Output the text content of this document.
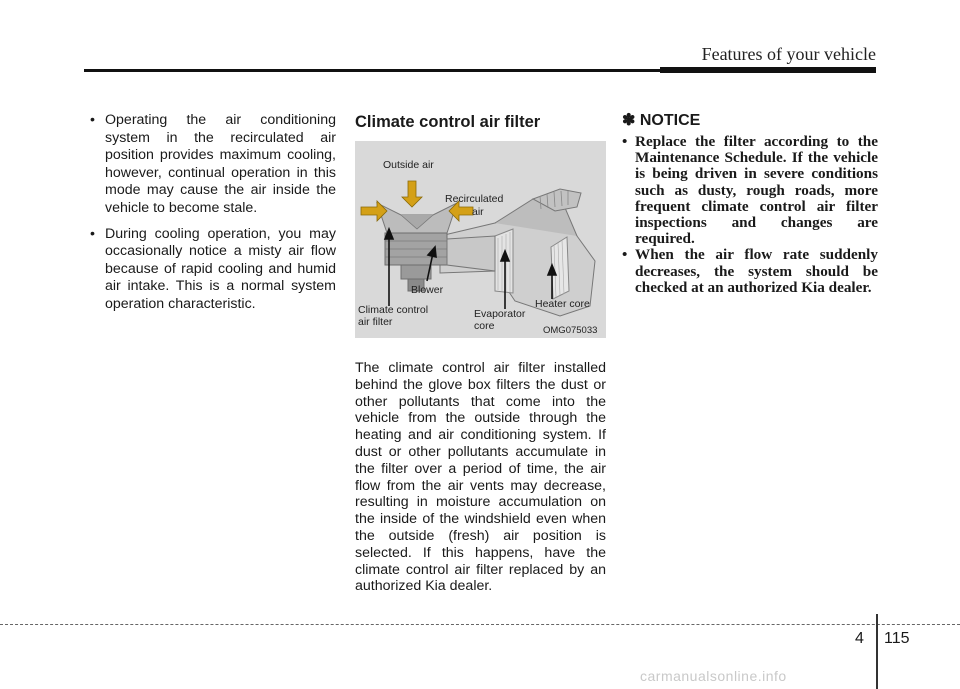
Features of your vehicle
• Operating the air conditioning system in the recirculated air position provides maximum cooling, however, continual operation in this mode may cause the air inside the vehicle to become stale.
• During cooling operation, you may occasionally notice a misty air flow because of rapid cooling and humid air intake. This is a normal system operation characteristic.
Climate control air filter
Outside air
Recirculated
air
Blower
Climate control
air filter
Evaporator
core
Heater core
OMG075033
The climate control air filter installed behind the glove box filters the dust or other pollutants that come into the vehicle from the outside through the heating and air conditioning system. If dust or other pollutants accumulate in the filter over a period of time, the air flow from the air vents may decrease, resulting in moisture accumulation on the inside of the windshield even when the outside (fresh) air position is selected. If this happens, have the climate control air filter replaced by an authorized Kia dealer.
✽ NOTICE
• Replace the filter according to the Maintenance Schedule. If the vehicle is being driven in severe conditions such as dusty, rough roads, more frequent climate control air filter inspections and changes are required.
• When the air flow rate suddenly decreases, the system should be checked at an authorized Kia dealer.
4 115
carmanualsonline.info
